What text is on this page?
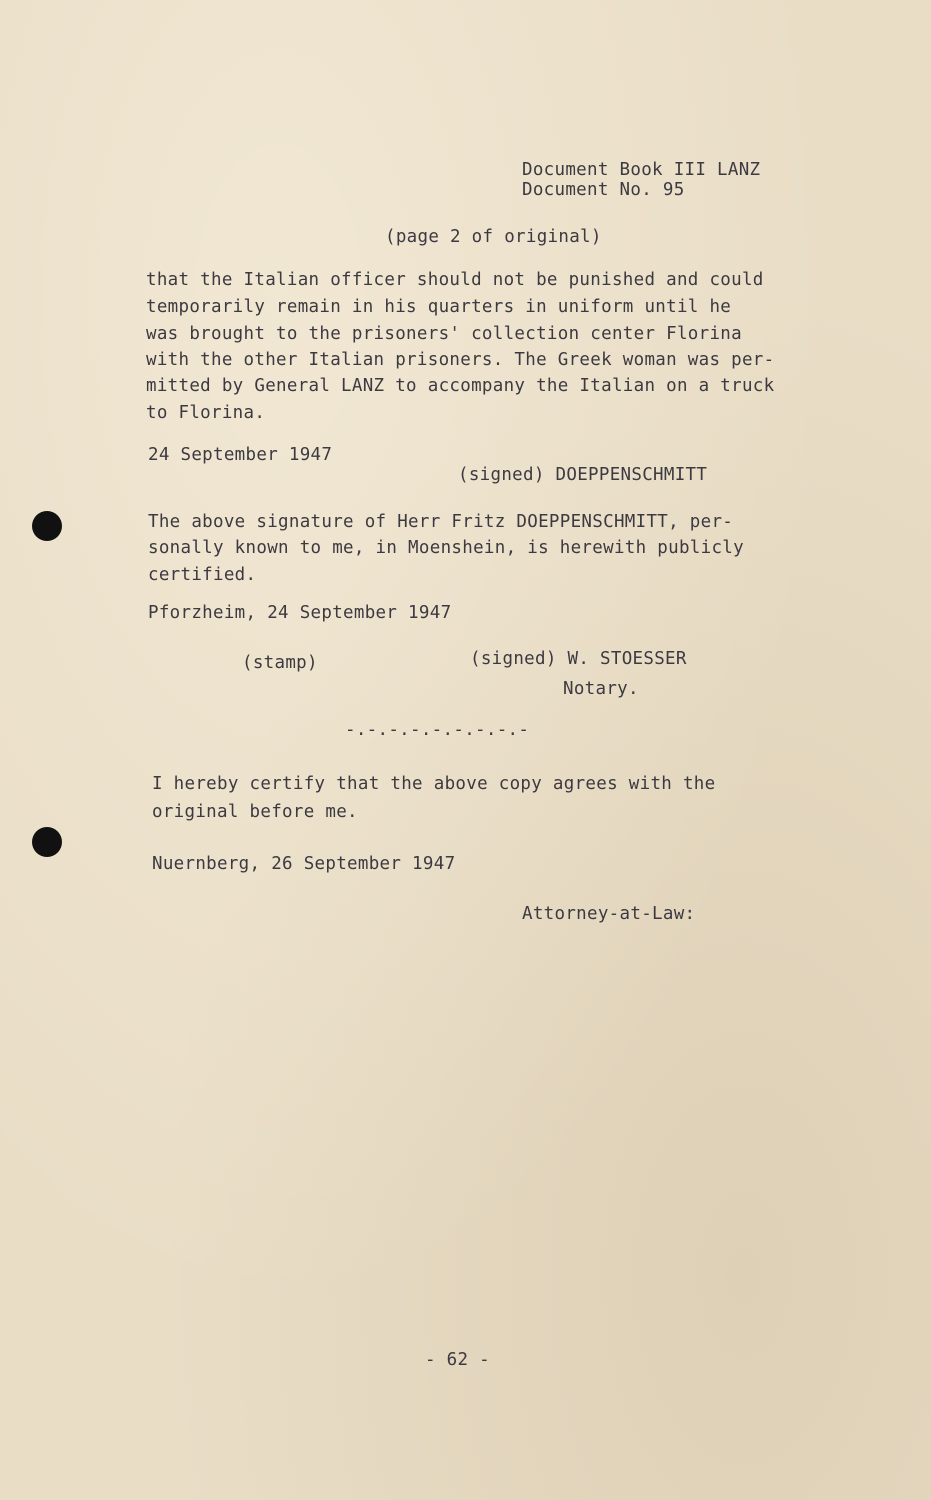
Document Book III LANZ
Document No. 95
(page 2 of original)
that the Italian officer should not be punished and could
temporarily remain in his quarters in uniform until he
was brought to the prisoners' collection center Florina
with the other Italian prisoners. The Greek woman was per-
mitted by General LANZ to accompany the Italian on a truck
to Florina.
24 September 1947
(signed) DOEPPENSCHMITT
The above signature of Herr Fritz DOEPPENSCHMITT, per-
sonally known to me, in Moenshein, is herewith publicly
certified.
Pforzheim, 24 September 1947
(stamp)	(signed) W. STOESSER
Notary.
-.-.-.-.-.-.-.-.-
I hereby certify that the above copy agrees with the
original before me.
Nuernberg, 26 September 1947
Attorney-at-Law:
- 62 -
